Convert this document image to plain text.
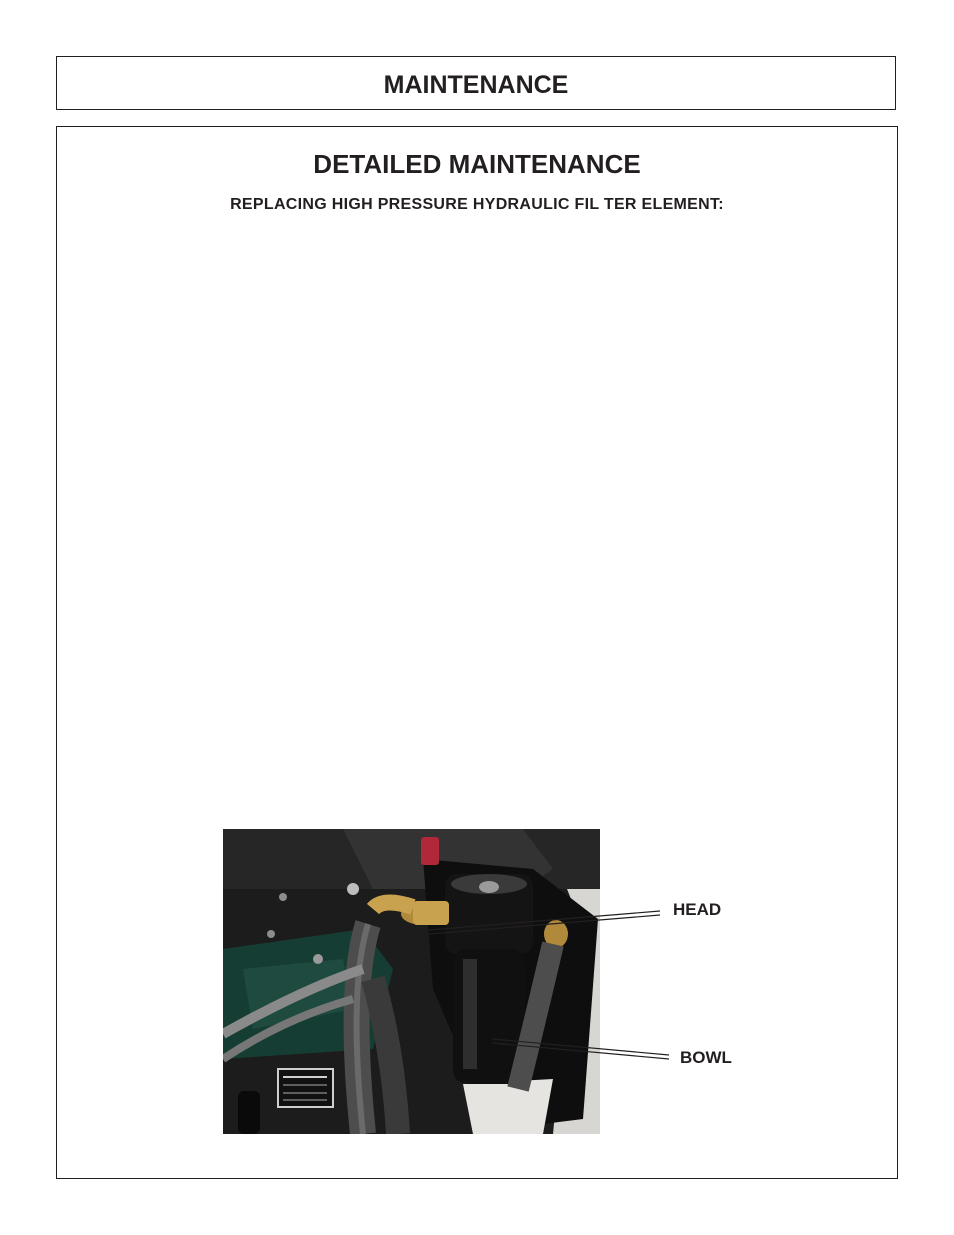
MAINTENANCE
DETAILED MAINTENANCE
REPLACING HIGH PRESSURE HYDRAULIC FIL TER ELEMENT:
HEAD
BOWL
